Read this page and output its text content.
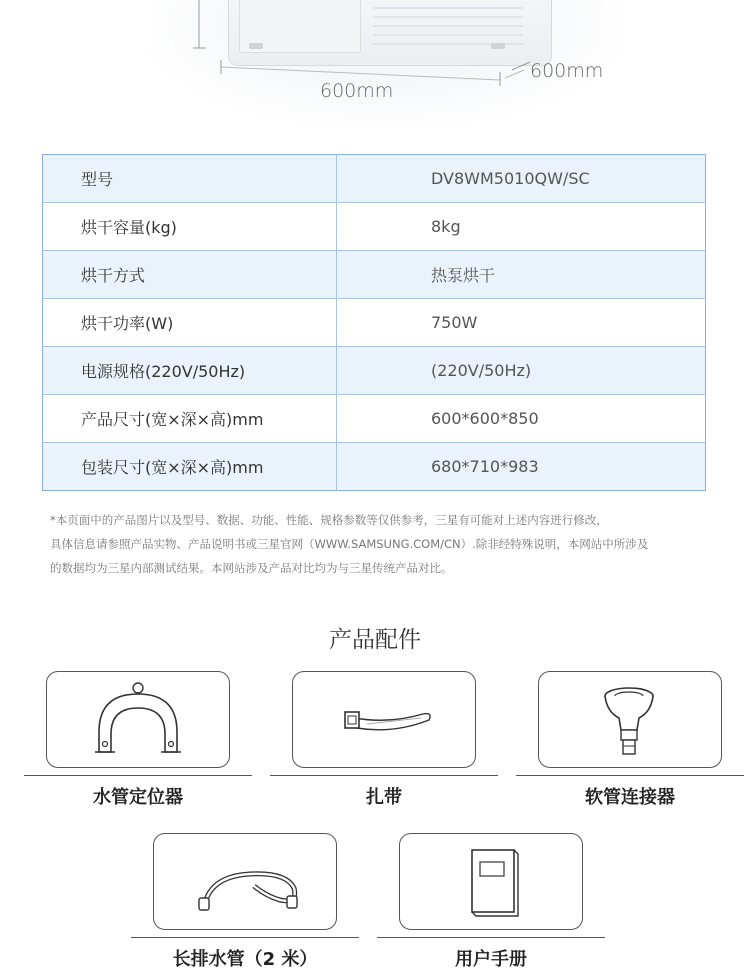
600mm
600mm
型号	DV8WM5010QW/SC
烘干容量(kg)	8kg
烘干方式	热泵烘干
烘干功率(W)	750W
电源规格(220V/50Hz)	(220V/50Hz)
产品尺寸(宽×深×高)mm	600*600*850
包装尺寸(宽×深×高)mm	680*710*983
*本页面中的产品图片以及型号、数据、功能、性能、规格参数等仅供参考，三星有可能对上述内容进行修改，
具体信息请参照产品实物、产品说明书或三星官网（WWW.SAMSUNG.COM/CN）.除非经特殊说明，本网站中所涉及
的数据均为三星内部测试结果。本网站涉及产品对比均为与三星传统产品对比。
产品配件
水管定位器	扎带	软管连接器
长排水管（2 米）	用户手册
